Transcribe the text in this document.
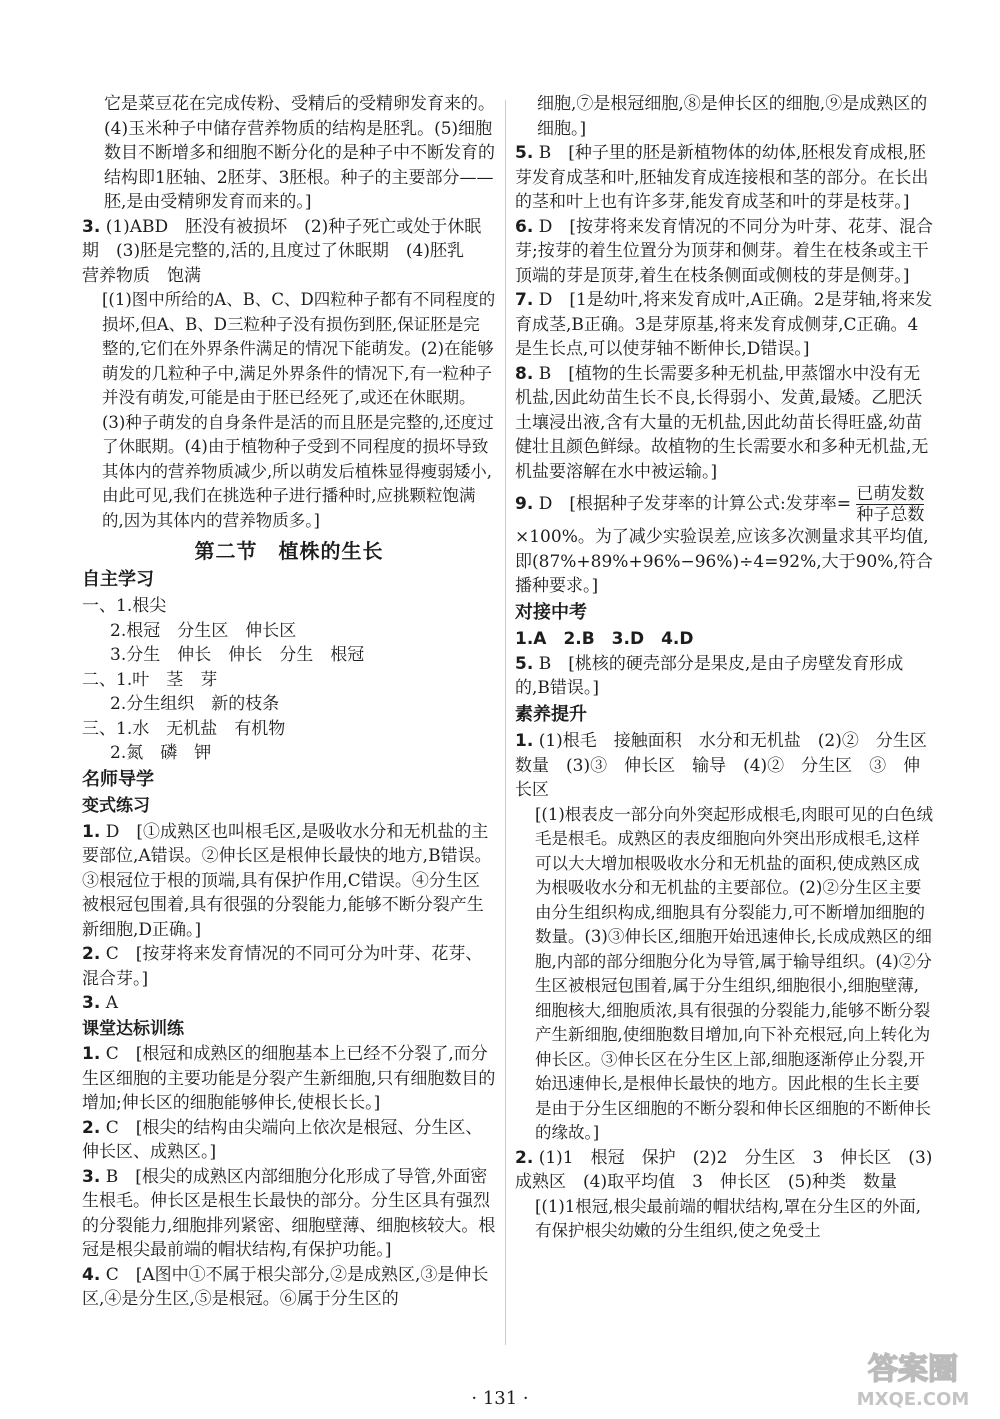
它是菜豆花在完成传粉、受精后的受精卵发育来的。(4)玉米种子中储存营养物质的结构是胚乳。(5)细胞数目不断增多和细胞不断分化的是种子中不断发育的结构即1胚轴、2胚芽、3胚根。种子的主要部分——胚,是由受精卵发育而来的。]

3. (1)ABD　胚没有被损坏　(2)种子死亡或处于休眠期　(3)胚是完整的,活的,且度过了休眠期　(4)胚乳　营养物质　饱满

[(1)图中所给的A、B、C、D四粒种子都有不同程度的损坏,但A、B、D三粒种子没有损伤到胚,保证胚是完整的,它们在外界条件满足的情况下能萌发。(2)在能够萌发的几粒种子中,满足外界条件的情况下,有一粒种子并没有萌发,可能是由于胚已经死了,或还在休眠期。(3)种子萌发的自身条件是活的而且胚是完整的,还度过了休眠期。(4)由于植物种子受到不同程度的损坏导致其体内的营养物质减少,所以萌发后植株显得瘦弱矮小,由此可见,我们在挑选种子进行播种时,应挑颗粒饱满的,因为其体内的营养物质多。]

第二节　植株的生长
自主学习
一、1.根尖
2.根冠　分生区　伸长区
3.分生　伸长　伸长　分生　根冠
二、1.叶　茎　芽
2.分生组织　新的枝条
三、1.水　无机盐　有机物
2.氮　磷　钾
名师导学
变式练习
1. D　[①成熟区也叫根毛区,是吸收水分和无机盐的主要部位,A错误。②伸长区是根伸长最快的地方,B错误。③根冠位于根的顶端,具有保护作用,C错误。④分生区被根冠包围着,具有很强的分裂能力,能够不断分裂产生新细胞,D正确。]
2. C　[按芽将来发育情况的不同可分为叶芽、花芽、混合芽。]
3. A
课堂达标训练
1. C　[根冠和成熟区的细胞基本上已经不分裂了,而分生区细胞的主要功能是分裂产生新细胞,只有细胞数目的增加;伸长区的细胞能够伸长,使根长长。]
2. C　[根尖的结构由尖端向上依次是根冠、分生区、伸长区、成熟区。]
3. B　[根尖的成熟区内部细胞分化形成了导管,外面密生根毛。伸长区是根生长最快的部分。分生区具有强烈的分裂能力,细胞排列紧密、细胞壁薄、细胞核较大。根冠是根尖最前端的帽状结构,有保护功能。]
4. C　[A图中①不属于根尖部分,②是成熟区,③是伸长区,④是分生区,⑤是根冠。⑥属于分生区的

细胞,⑦是根冠细胞,⑧是伸长区的细胞,⑨是成熟区的细胞。]

5. B　[种子里的胚是新植物体的幼体,胚根发育成根,胚芽发育成茎和叶,胚轴发育成连接根和茎的部分。在长出的茎和叶上也有许多芽,能发育成茎和叶的芽是枝芽。]
6. D　[按芽将来发育情况的不同分为叶芽、花芽、混合芽;按芽的着生位置分为顶芽和侧芽。着生在枝条或主干顶端的芽是顶芽,着生在枝条侧面或侧枝的芽是侧芽。]
7. D　[1是幼叶,将来发育成叶,A正确。2是芽轴,将来发育成茎,B正确。3是芽原基,将来发育成侧芽,C正确。4是生长点,可以使芽轴不断伸长,D错误。]
8. B　[植物的生长需要多种无机盐,甲蒸馏水中没有无机盐,因此幼苗生长不良,长得弱小、发黄,最矮。乙肥沃土壤浸出液,含有大量的无机盐,因此幼苗长得旺盛,幼苗健壮且颜色鲜绿。故植物的生长需要水和多种无机盐,无机盐要溶解在水中被运输。]
9. D　[根据种子发芽率的计算公式:发芽率= $\frac{\text{已萌发数}}{\text{种子总数}}$
×100%。为了减少实验误差,应该多次测量求其平均值,即(87%+89%+96%−96%)÷4=92%,大于90%,符合播种要求。]
对接中考
1.A　2.B　3.D　4.D
5. B　[桃核的硬壳部分是果皮,是由子房壁发育形成的,B错误。]
素养提升
1. (1)根毛　接触面积　水分和无机盐　(2)②　分生区　数量　(3)③　伸长区　输导　(4)②　分生区　③　伸长区

[(1)根表皮一部分向外突起形成根毛,肉眼可见的白色绒毛是根毛。成熟区的表皮细胞向外突出形成根毛,这样可以大大增加根吸收水分和无机盐的面积,使成熟区成为根吸收水分和无机盐的主要部位。(2)②分生区主要由分生组织构成,细胞具有分裂能力,可不断增加细胞的数量。(3)③伸长区,细胞开始迅速伸长,长成成熟区的细胞,内部的部分细胞分化为导管,属于输导组织。(4)②分生区被根冠包围着,属于分生组织,细胞很小,细胞壁薄,细胞核大,细胞质浓,具有很强的分裂能力,能够不断分裂产生新细胞,使细胞数目增加,向下补充根冠,向上转化为伸长区。③伸长区在分生区上部,细胞逐渐停止分裂,开始迅速伸长,是根伸长最快的地方。因此根的生长主要是由于分生区细胞的不断分裂和伸长区细胞的不断伸长的缘故。]

2. (1)1　根冠　保护　(2)2　分生区　3　伸长区　(3)成熟区　(4)取平均值　3　伸长区　(5)种类　数量

[(1)1根冠,根尖最前端的帽状结构,罩在分生区的外面,有保护根尖幼嫩的分生组织,使之免受土

· 131 ·
答案圈
MXQE.COM
